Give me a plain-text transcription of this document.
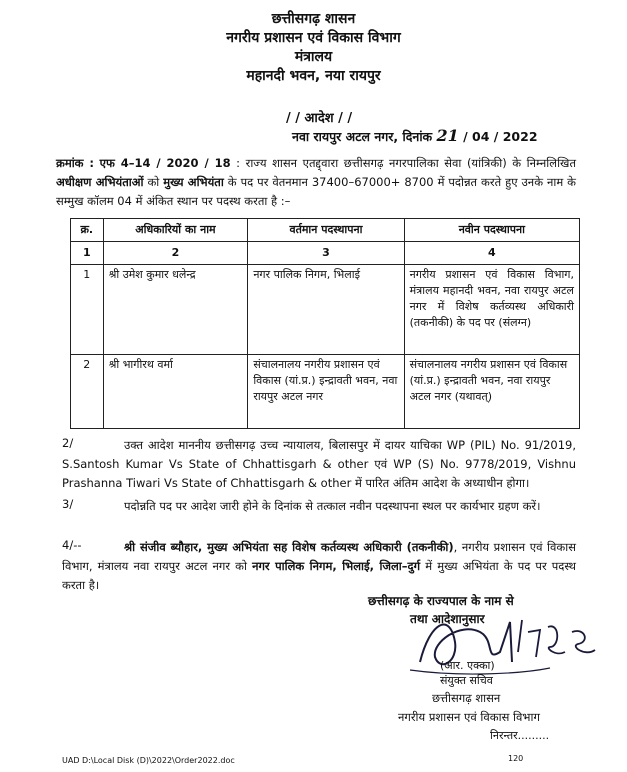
छत्तीसगढ़ शासन
नगरीय प्रशासन एवं विकास विभाग
मंत्रालय
महानदी भवन, नया रायपुर
/ / आदेश / /
नवा रायपुर अटल नगर, दिनांक 21 / 04 / 2022
क्रमांक : एफ 4–14 / 2020 / 18 : राज्य शासन एतद्द्वारा छत्तीसगढ़ नगरपालिका सेवा (यांत्रिकी) के निम्नलिखित अधीक्षण अभियंताओं को मुख्य अभियंता के पद पर वेतनमान 37400–67000+ 8700 में पदोन्नत करते हुए उनके नाम के सम्मुख कॉलम 04 में अंकित स्थान पर पदस्थ करता है :–
क्र.	अधिकारियों का नाम	वर्तमान पदस्थापना	नवीन पदस्थापना
1	2	3	4
1	श्री उमेश कुमार धलेन्द्र	नगर पालिक निगम, भिलाई	नगरीय प्रशासन एवं विकास विभाग, मंत्रालय महानदी भवन, नवा रायपुर अटल नगर में विशेष कर्तव्यस्थ अधिकारी (तकनीकी) के पद पर (संलग्न)
2	श्री भागीरथ वर्मा	संचालनालय नगरीय प्रशासन एवं विकास (यां.प्र.) इन्द्रावती भवन, नवा रायपुर अटल नगर	संचालनालय नगरीय प्रशासन एवं विकास (यां.प्र.) इन्द्रावती भवन, नवा रायपुर अटल नगर (यथावत्)
2/	उक्त आदेश माननीय छत्तीसगढ़ उच्च न्यायालय, बिलासपुर में दायर याचिका WP (PIL) No. 91/2019, S.Santosh Kumar Vs State of Chhattisgarh & other एवं WP (S) No. 9778/2019, Vishnu Prashanna Tiwari Vs State of Chhattisgarh & other में पारित अंतिम आदेश के अध्याधीन होगा।
3/	पदोन्नति पद पर आदेश जारी होने के दिनांक से तत्काल नवीन पदस्थापना स्थल पर कार्यभार ग्रहण करें।
4/--	श्री संजीव ब्यौहार, मुख्य अभियंता सह विशेष कर्तव्यस्थ अधिकारी (तकनीकी), नगरीय प्रशासन एवं विकास विभाग, मंत्रालय नवा रायपुर अटल नगर को नगर पालिक निगम, भिलाई, जिला–दुर्ग में मुख्य अभियंता के पद पर पदस्थ करता है।
छत्तीसगढ़ के राज्यपाल के नाम से
तथा आदेशानुसार
(आर. एक्का)
संयुक्त सचिव
छत्तीसगढ़ शासन
नगरीय प्रशासन एवं विकास विभाग
निरन्तर.........
UAD D:\Local Disk (D)\2022\Order2022.doc	120
